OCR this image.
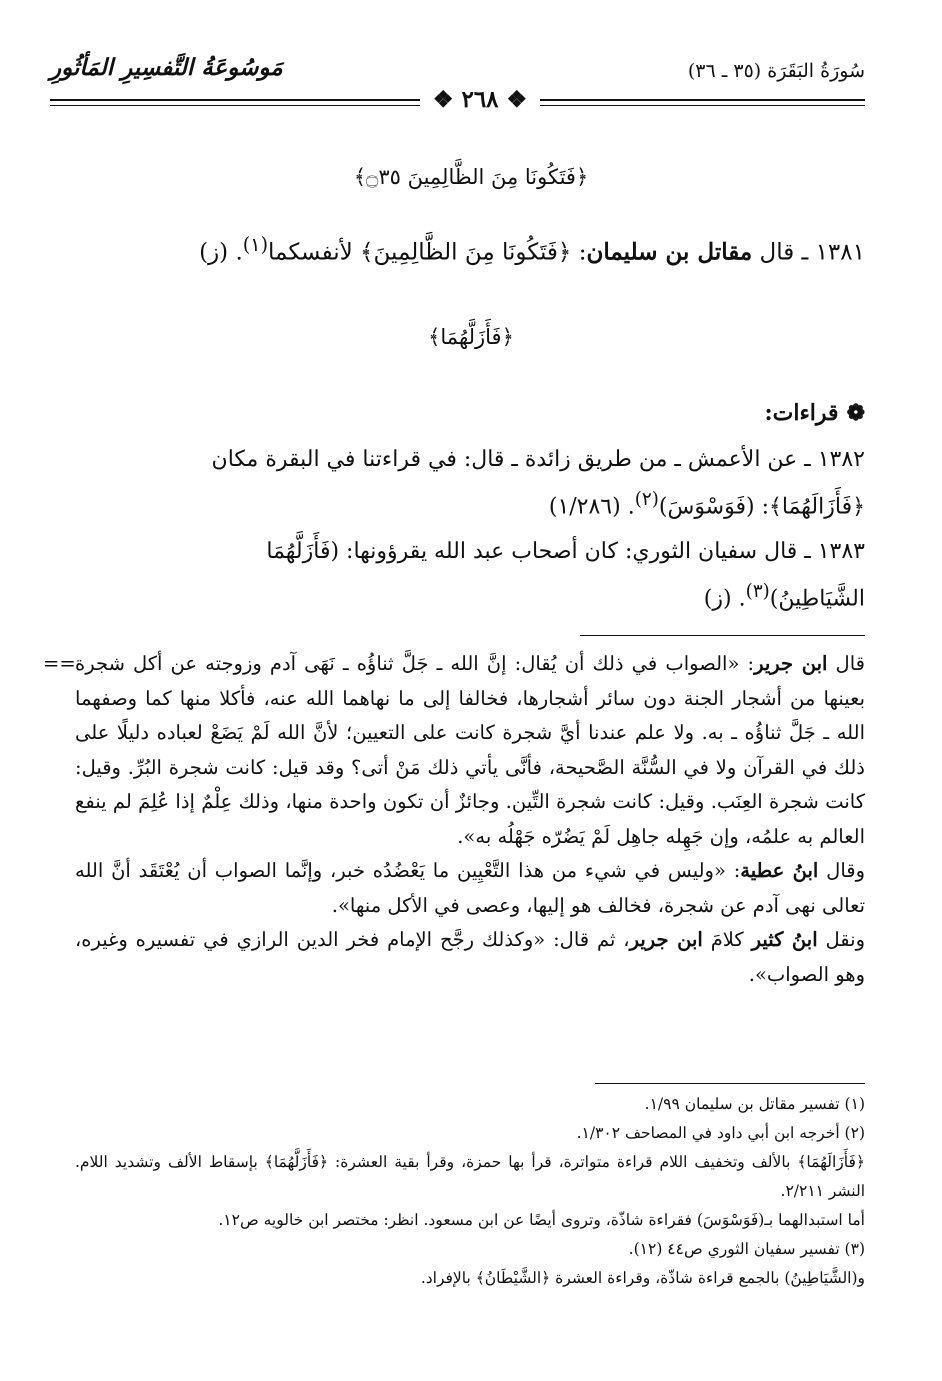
سُورَةُ البَقَرَة (٣٥ ـ ٣٦)
مَوسُوعَةُ التَّفسِيرِ المَأثُورِ
❖ ٢٦٨ ❖
﴿فَتَكُونَا مِنَ الظَّالِمِينَ ۝٣٥﴾
١٣٨١ ـ قال مقاتل بن سليمان: ﴿فَتَكُونَا مِنَ الظَّالِمِينَ﴾ لأنفسكما$^{(١)}$. (ز)
﴿فَأَزَلَّهُمَا﴾
❁قراءات:
١٣٨٢ ـ عن الأعمش ـ من طريق زائدة ـ قال: في قراءتنا في البقرة مكان
﴿فَأَزَالَهُمَا﴾: (فَوَسْوَسَ)$^{(٢)}$. (١/٢٨٦)
١٣٨٣ ـ قال سفيان الثوري: كان أصحاب عبد الله يقرؤونها: (فَأَزَلَّهُمَا
الشَّيَاطِينُ)$^{(٣)}$. (ز)
==	قال ابن جرير: «الصواب في ذلك أن يُقال: إنَّ الله ـ جَلَّ ثناؤُه ـ نَهَى آدم وزوجته عن أكل شجرة بعينها من أشجار الجنة دون سائر أشجارها، فخالفا إلى ما نهاهما الله عنه، فأكلا منها كما وصفهما الله ـ جَلَّ ثناؤُه ـ به. ولا علم عندنا أيَّ شجرة كانت على التعيين؛ لأنَّ الله لَمْ يَضَعْ لعباده دليلًا على ذلك في القرآن ولا في السُّنَّة الصَّحيحة، فأنَّى يأتي ذلك مَنْ أتى؟ وقد قيل: كانت شجرة البُرِّ. وقيل: كانت شجرة العِنَب. وقيل: كانت شجرة التِّين. وجائزٌ أن تكون واحدة منها، وذلك عِلْمٌ إذا عُلِمَ لم ينفع العالم به علمُه، وإن جَهِله جاهِل لَمْ يَضُرّه جَهْلُه به».

وقال ابنُ عطية: «وليس في شيء من هذا التَّعْيِين ما يَعْضُدُه خبر، وإنَّما الصواب أن يُعْتَقَد أنَّ الله تعالى نهى آدم عن شجرة، فخالف هو إليها، وعصى في الأكل منها».

ونقل ابنُ كثير كلامَ ابن جرير، ثم قال: «وكذلك رجَّح الإمام فخر الدين الرازي في تفسيره وغيره، وهو الصواب».

(١) تفسير مقاتل بن سليمان ١/٩٩.

(٢) أخرجه ابن أبي داود في المصاحف ١/٣٠٢.

﴿فَأَزَالَهُمَا﴾ بالألف وتخفيف اللام قراءة متواترة، قرأ بها حمزة، وقرأ بقية العشرة: ﴿فَأَزَلَّهُمَا﴾ بإسقاط الألف وتشديد اللام. النشر ٢/٢١١.

أما استبدالهما بـ(فَوَسْوَسَ) فقراءة شاذّة، وتروى أيضًا عن ابن مسعود. انظر: مختصر ابن خالويه ص١٢.

(٣) تفسير سفيان الثوري ص٤٤ (١٢).

و(الشَّيَاطِينُ) بالجمع قراءة شاذّة، وقراءة العشرة ﴿الشَّيْطَانُ﴾ بالإفراد.
